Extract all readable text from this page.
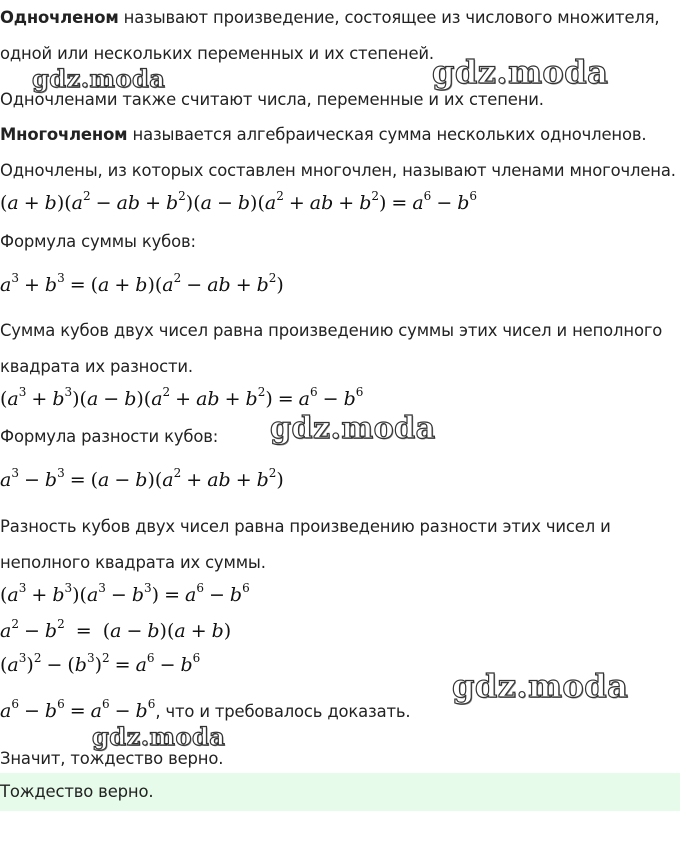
Одночленом называют произведение, состоящее из числового множителя,

одной или нескольких переменных и их степеней.

Одночленами также считают числа, переменные и их степени.

Многочленом называется алгебраическая сумма нескольких одночленов.

Одночлены, из которых составлен многочлен, называют членами многочлена.

$(a + b)(a^2$ − ab + $b^2)(a - b)(a^2$ + ab + $b^2) = a^6 - b^6$

Формула суммы кубов:

$a^3 + b^3 = (a + b)(a^2$ − ab + $b^2$)

Сумма кубов двух чисел равна произведению суммы этих чисел и неполного

квадрата их разности.

$(a^3 + b^3)(a - b)(a^2$ + ab + $b^2) = a^6 - b^6$

Формула разности кубов:

$a^3 - b^3 = (a - b)(a^2$ + ab + $b^2$)

Разность кубов двух чисел равна произведению разности этих чисел и

неполного квадрата их суммы.

$(a^3 + b^3)(a^3 - b^3) = a^6 - b^6$
$a^2 - b^2 = (a - b)(a + b)$
$(a^3)^2 - (b^3)^2 = a^6 - b^6$
$a^6 - b^6 = a^6 - b^6$, что и требовалось доказать.

Значит, тождество верно.

Тождество верно.
gdz.moda	gdz.moda
gdz.moda
gdz.moda
gdz.moda
